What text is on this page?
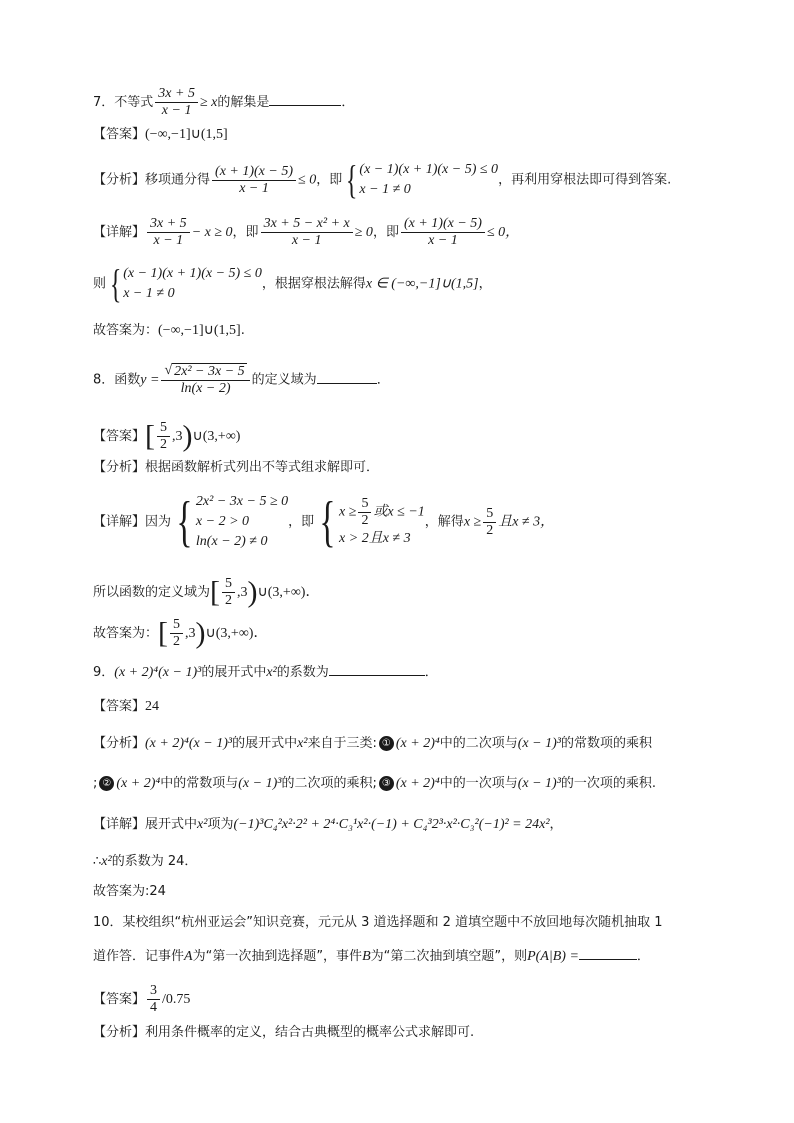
7．不等式 $\frac{3x + 5}{x - 1} \ge x$的解集是	．
【答案】(−∞,−1]∪(1,5]
【分析】移项通分得 $\frac{(x + 1)(x - 5)}{x - 1} \le 0$，即 { (x − 1)(x + 1)(x − 5) ≤ 0
x − 1 ≠ 0
，再利用穿根法即可得到答案.
【详解】 $\frac{3x + 5}{x - 1} - x \ge 0$，即 $\frac{\text{3x + 5 − x² + x}}{x - 1} \ge 0$，即 $\frac{(x + 1)(x - 5)}{x - 1} \le 0$，
则 { (x − 1)(x + 1)(x − 5) ≤ 0
x − 1 ≠ 0
，根据穿根法解得x ∈ (−∞,−1]∪(1,5]，
故答案为：(−∞,−1]∪(1,5].
8．函数$y = \frac{\text{√ 2x² − 3x − 5}}{\ln(x - 2)}$ 的定义域为	．
【答案】[ $\frac{5}{2}$ ,3)∪(3,+∞)
【分析】根据函数解析式列出不等式组求解即可．
【详解】因为 { 2x² − 3x − 5 ≥ 0
x − 2 > 0
ln(x − 2) ≠ 0
，即 { $x \ge \frac{5}{2}$ 或x ≤ −1
x > 2且x ≠ 3
，解得$x \ge \frac{5}{2}$ 且x ≠ 3，
所以函数的定义域为[ $\frac{5}{2}$ ,3)∪(3,+∞)．
故答案为：[ $\frac{5}{2}$ ,3)∪(3,+∞)．
9．(x + 2)⁴(x − 1)³的展开式中x²的系数为	．
【答案】24
【分析】(x + 2)⁴(x − 1)³的展开式中x²来自于三类: ① (x + 2)⁴中的二次项与(x − 1)³的常数项的乘积
; ② (x + 2)⁴中的常数项与(x − 1)³的二次项的乘积; ③ (x + 2)⁴中的一次项与(x − 1)³的一次项的乘积.
【详解】展开式中x²项为(−1)³C₄²x²·2² + 2⁴·C₃¹x²·(−1) + C₄³2³·x²·C₃²(−1)² = 24x²，
∴x²的系数为 24．
故答案为:24
10．某校组织“杭州亚运会”知识竞赛，元元从 3 道选择题和 2 道填空题中不放回地每次随机抽取 1
道作答．记事件A为“第一次抽到选择题”，事件B为“第二次抽到填空题”，则P(A|B) =	．
【答案】 $\frac{3}{4} /0.75$
【分析】利用条件概率的定义，结合古典概型的概率公式求解即可.
